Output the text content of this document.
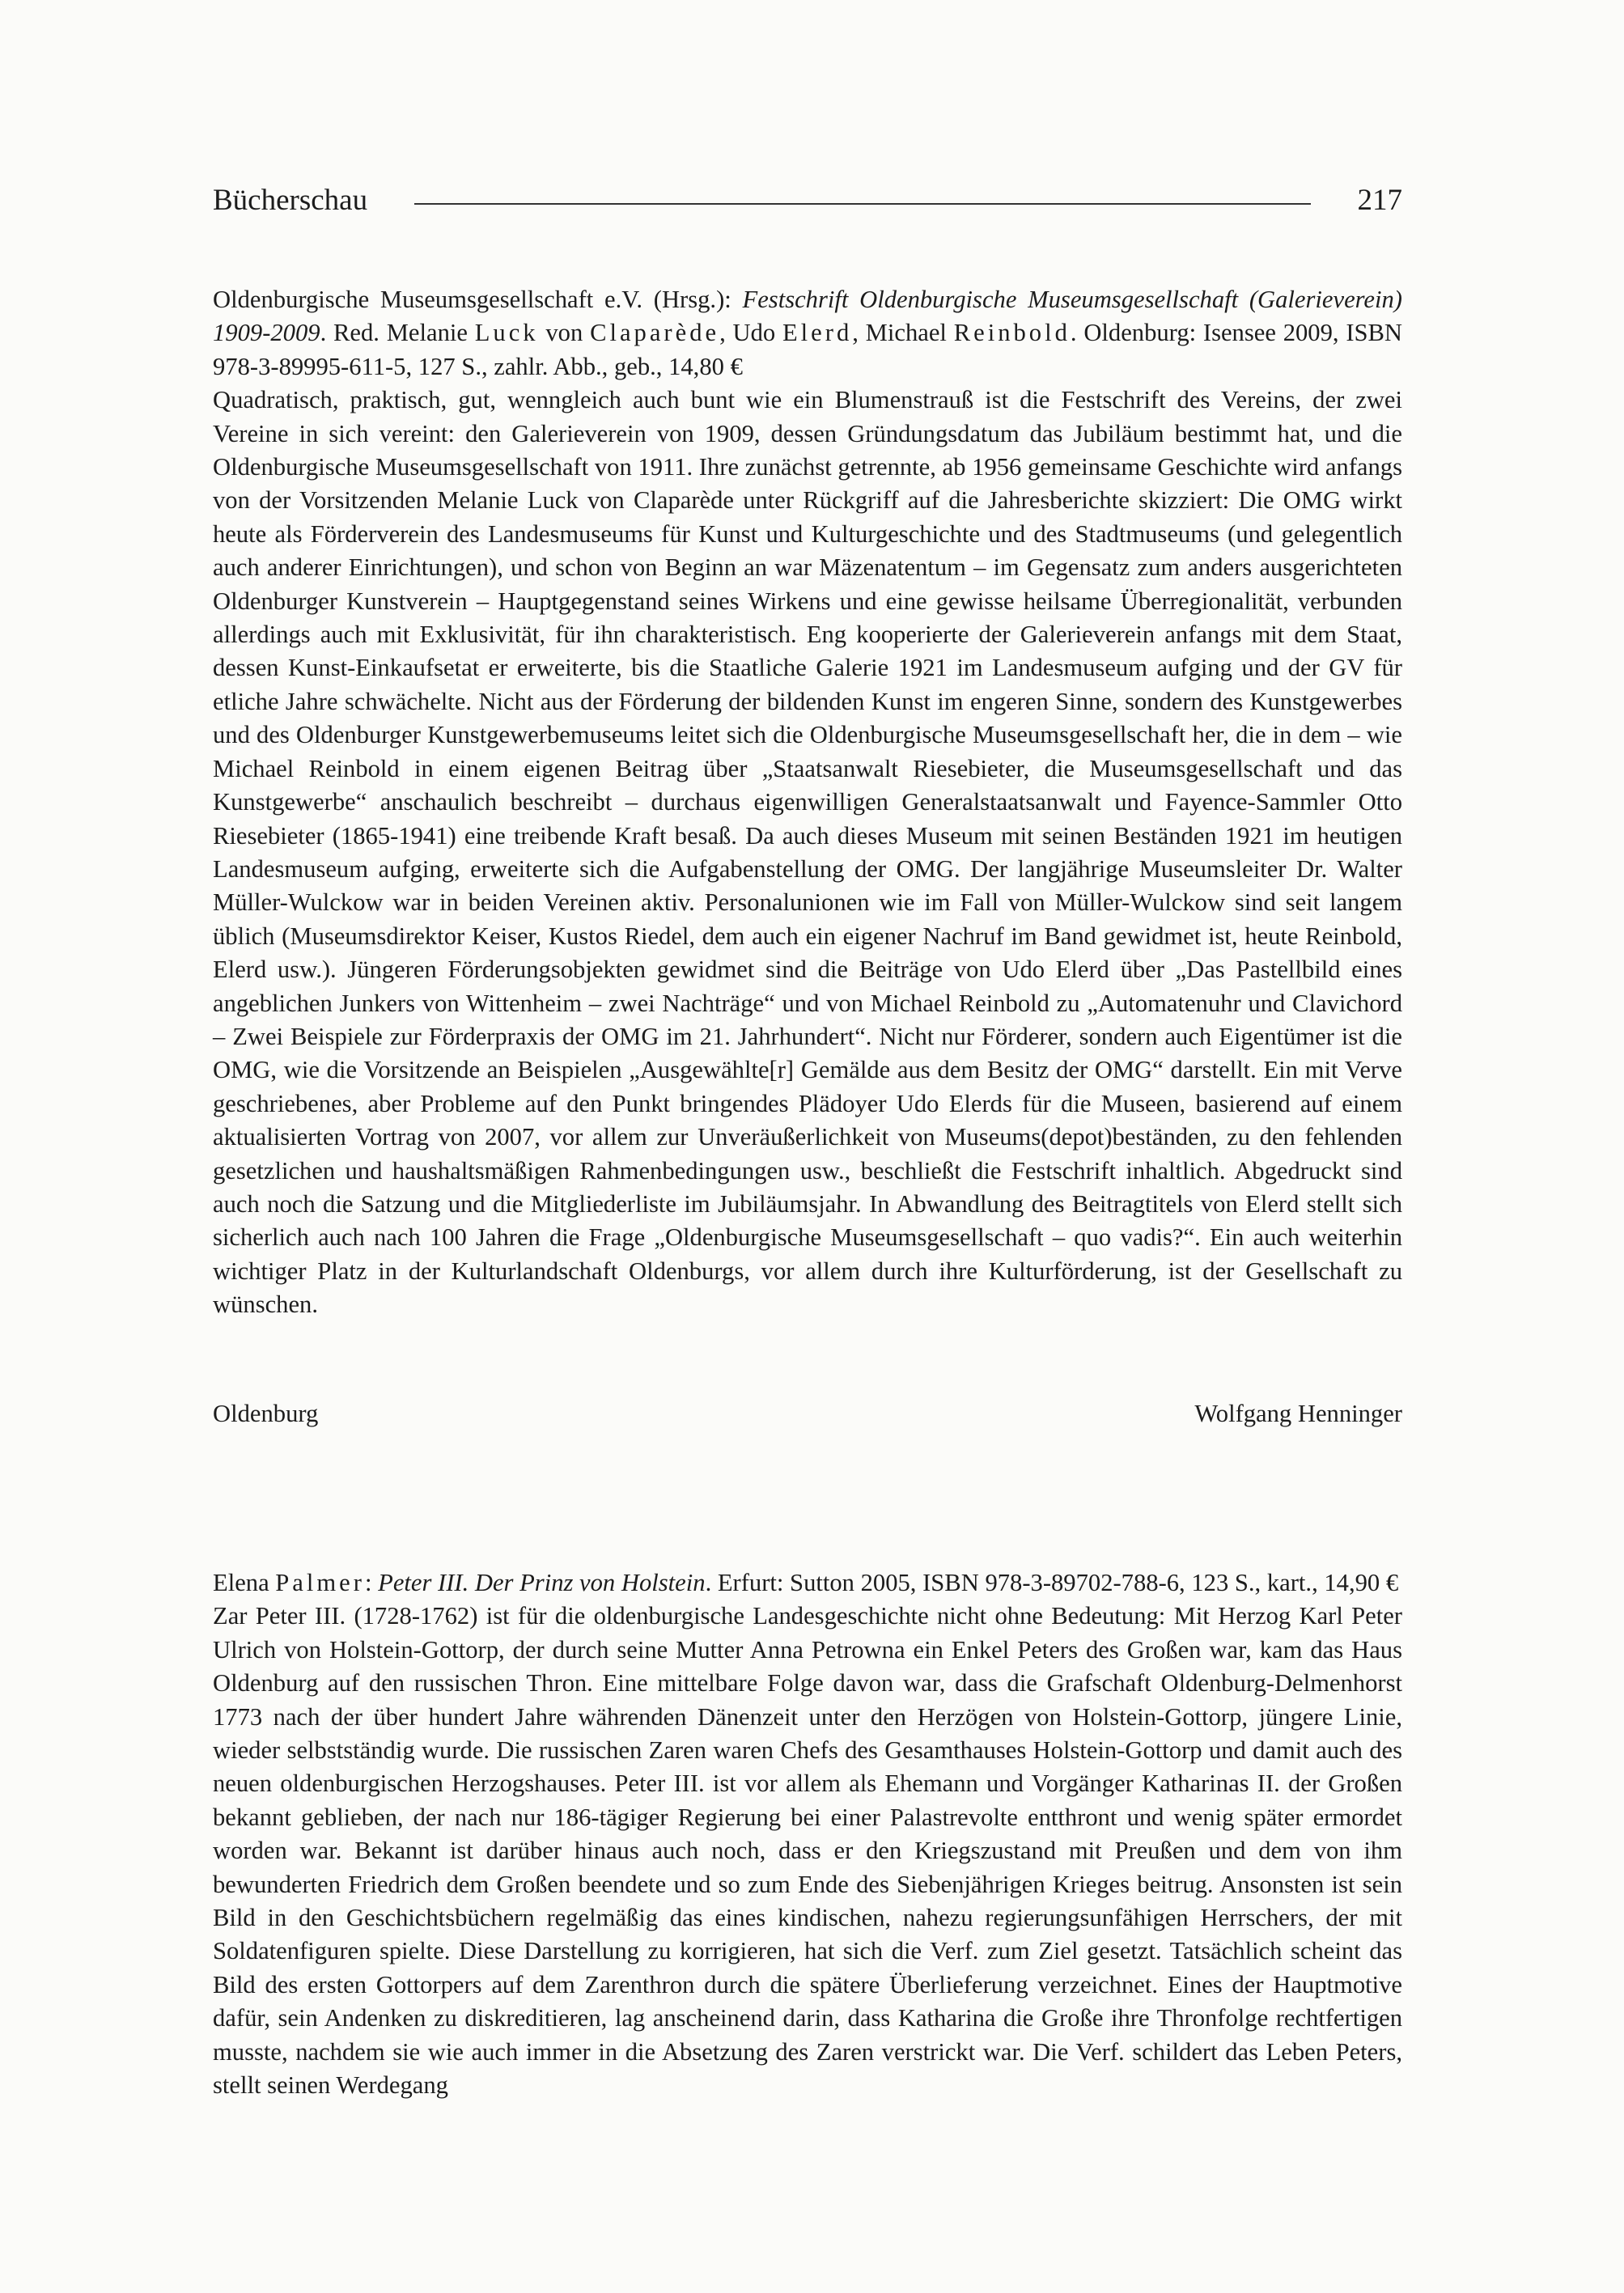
Bücherschau	217

Oldenburgische Museumsgesellschaft e.V. (Hrsg.): Festschrift Oldenburgische Museumsgesellschaft (Galerieverein) 1909-2009. Red. Melanie Luck von Claparède, Udo Elerd, Michael Reinbold. Oldenburg: Isensee 2009, ISBN 978-3-89995-611-5, 127 S., zahlr. Abb., geb., 14,80 €

Quadratisch, praktisch, gut, wenngleich auch bunt wie ein Blumenstrauß ist die Festschrift des Vereins, der zwei Vereine in sich vereint: den Galerieverein von 1909, dessen Gründungsdatum das Jubiläum bestimmt hat, und die Oldenburgische Museumsgesellschaft von 1911. Ihre zunächst getrennte, ab 1956 gemeinsame Geschichte wird anfangs von der Vorsitzenden Melanie Luck von Claparède unter Rückgriff auf die Jahresberichte skizziert: Die OMG wirkt heute als Förderverein des Landesmuseums für Kunst und Kulturgeschichte und des Stadtmuseums (und gelegentlich auch anderer Einrichtungen), und schon von Beginn an war Mäzenatentum – im Gegensatz zum anders ausgerichteten Oldenburger Kunstverein – Hauptgegenstand seines Wirkens und eine gewisse heilsame Überregionalität, verbunden allerdings auch mit Exklusivität, für ihn charakteristisch. Eng kooperierte der Galerieverein anfangs mit dem Staat, dessen Kunst-Einkaufsetat er erweiterte, bis die Staatliche Galerie 1921 im Landesmuseum aufging und der GV für etliche Jahre schwächelte. Nicht aus der Förderung der bildenden Kunst im engeren Sinne, sondern des Kunstgewerbes und des Oldenburger Kunstgewerbemuseums leitet sich die Oldenburgische Museumsgesellschaft her, die in dem – wie Michael Reinbold in einem eigenen Beitrag über „Staatsanwalt Riesebieter, die Museumsgesellschaft und das Kunstgewerbe“ anschaulich beschreibt – durchaus eigenwilligen Generalstaatsanwalt und Fayence-Sammler Otto Riesebieter (1865-1941) eine treibende Kraft besaß. Da auch dieses Museum mit seinen Beständen 1921 im heutigen Landesmuseum aufging, erweiterte sich die Aufgabenstellung der OMG. Der langjährige Museumsleiter Dr. Walter Müller-Wulckow war in beiden Vereinen aktiv. Personalunionen wie im Fall von Müller-Wulckow sind seit langem üblich (Museumsdirektor Keiser, Kustos Riedel, dem auch ein eigener Nachruf im Band gewidmet ist, heute Reinbold, Elerd usw.). Jüngeren Förderungsobjekten gewidmet sind die Beiträge von Udo Elerd über „Das Pastellbild eines angeblichen Junkers von Wittenheim – zwei Nachträge“ und von Michael Reinbold zu „Automatenuhr und Clavichord – Zwei Beispiele zur Förderpraxis der OMG im 21. Jahrhundert“. Nicht nur Förderer, sondern auch Eigentümer ist die OMG, wie die Vorsitzende an Beispielen „Ausgewählte[r] Gemälde aus dem Besitz der OMG“ darstellt. Ein mit Verve geschriebenes, aber Probleme auf den Punkt bringendes Plädoyer Udo Elerds für die Museen, basierend auf einem aktualisierten Vortrag von 2007, vor allem zur Unveräußerlichkeit von Museums(depot)beständen, zu den fehlenden gesetzlichen und haushaltsmäßigen Rahmenbedingungen usw., beschließt die Festschrift inhaltlich. Abgedruckt sind auch noch die Satzung und die Mitgliederliste im Jubiläumsjahr. In Abwandlung des Beitragtitels von Elerd stellt sich sicherlich auch nach 100 Jahren die Frage „Oldenburgische Museumsgesellschaft – quo vadis?“. Ein auch weiterhin wichtiger Platz in der Kulturlandschaft Oldenburgs, vor allem durch ihre Kulturförderung, ist der Gesellschaft zu wünschen.

Oldenburg	Wolfgang Henninger

Elena Palmer: Peter III. Der Prinz von Holstein. Erfurt: Sutton 2005, ISBN 978-3-89702-788-6, 123 S., kart., 14,90 €

Zar Peter III. (1728-1762) ist für die oldenburgische Landesgeschichte nicht ohne Bedeutung: Mit Herzog Karl Peter Ulrich von Holstein-Gottorp, der durch seine Mutter Anna Petrowna ein Enkel Peters des Großen war, kam das Haus Oldenburg auf den russischen Thron. Eine mittelbare Folge davon war, dass die Grafschaft Oldenburg-Delmenhorst 1773 nach der über hundert Jahre währenden Dänenzeit unter den Herzögen von Holstein-Gottorp, jüngere Linie, wieder selbstständig wurde. Die russischen Zaren waren Chefs des Gesamthauses Holstein-Gottorp und damit auch des neuen oldenburgischen Herzogshauses. Peter III. ist vor allem als Ehemann und Vorgänger Katharinas II. der Großen bekannt geblieben, der nach nur 186-tägiger Regierung bei einer Palastrevolte entthront und wenig später ermordet worden war. Bekannt ist darüber hinaus auch noch, dass er den Kriegszustand mit Preußen und dem von ihm bewunderten Friedrich dem Großen beendete und so zum Ende des Siebenjährigen Krieges beitrug. Ansonsten ist sein Bild in den Geschichtsbüchern regelmäßig das eines kindischen, nahezu regierungsunfähigen Herrschers, der mit Soldatenfiguren spielte. Diese Darstellung zu korrigieren, hat sich die Verf. zum Ziel gesetzt. Tatsächlich scheint das Bild des ersten Gottorpers auf dem Zarenthron durch die spätere Überlieferung verzeichnet. Eines der Hauptmotive dafür, sein Andenken zu diskreditieren, lag anscheinend darin, dass Katharina die Große ihre Thronfolge rechtfertigen musste, nachdem sie wie auch immer in die Absetzung des Zaren verstrickt war. Die Verf. schildert das Leben Peters, stellt seinen Werdegang
